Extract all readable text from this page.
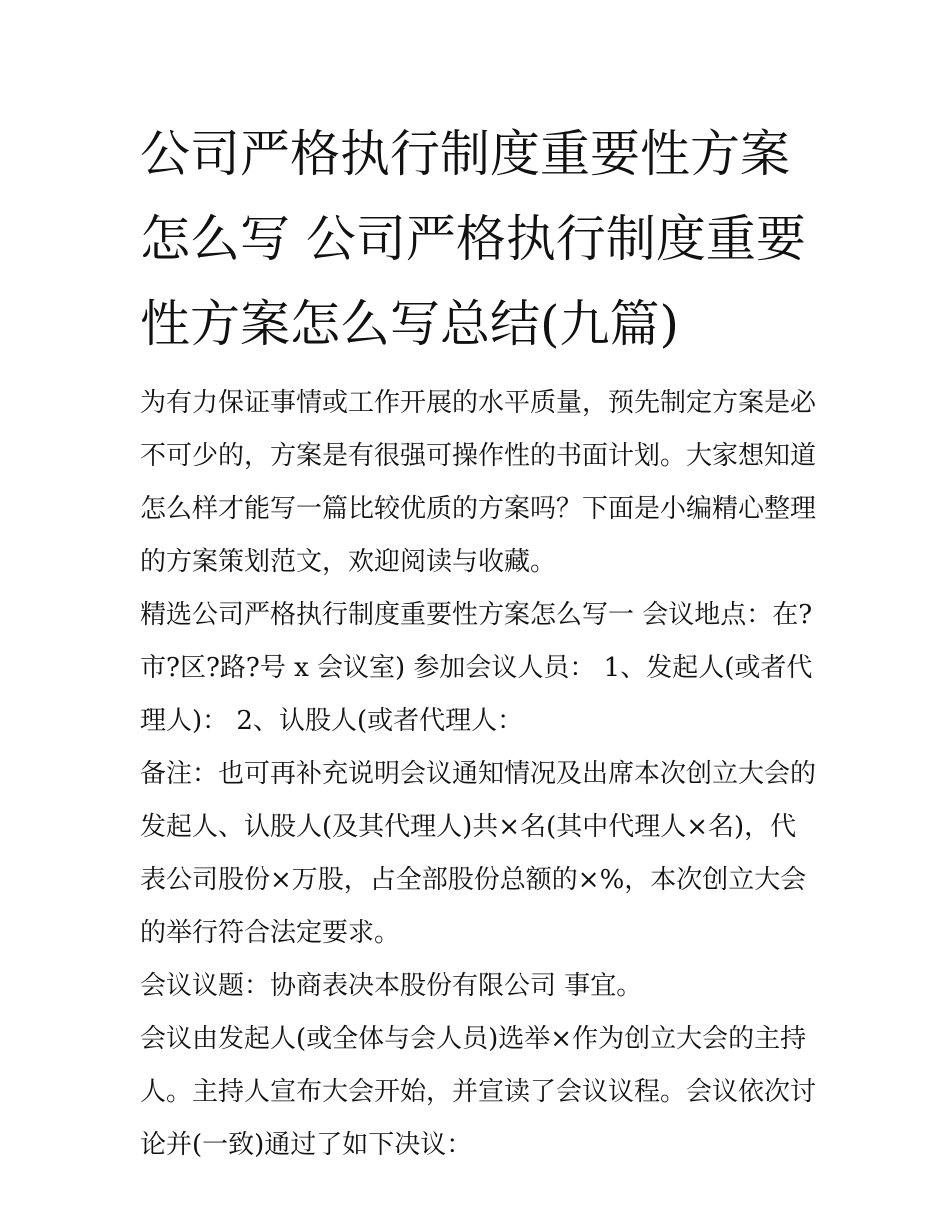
公司严格执行制度重要性方案怎么写 公司严格执行制度重要性方案怎么写总结(九篇)

为有力保证事情或工作开展的水平质量，预先制定方案是必不可少的，方案是有很强可操作性的书面计划。大家想知道怎么样才能写一篇比较优质的方案吗？下面是小编精心整理的方案策划范文，欢迎阅读与收藏。

精选公司严格执行制度重要性方案怎么写一 会议地点：在?市?区?路?号 x 会议室) 参加会议人员： 1、发起人(或者代理人)： 2、认股人(或者代理人：

备注：也可再补充说明会议通知情况及出席本次创立大会的发起人、认股人(及其代理人)共×名(其中代理人×名)，代表公司股份×万股，占全部股份总额的×%，本次创立大会的举行符合法定要求。

会议议题：协商表决本股份有限公司 事宜。

会议由发起人(或全体与会人员)选举×作为创立大会的主持人。主持人宣布大会开始，并宣读了会议议程。会议依次讨论并(一致)通过了如下决议：
